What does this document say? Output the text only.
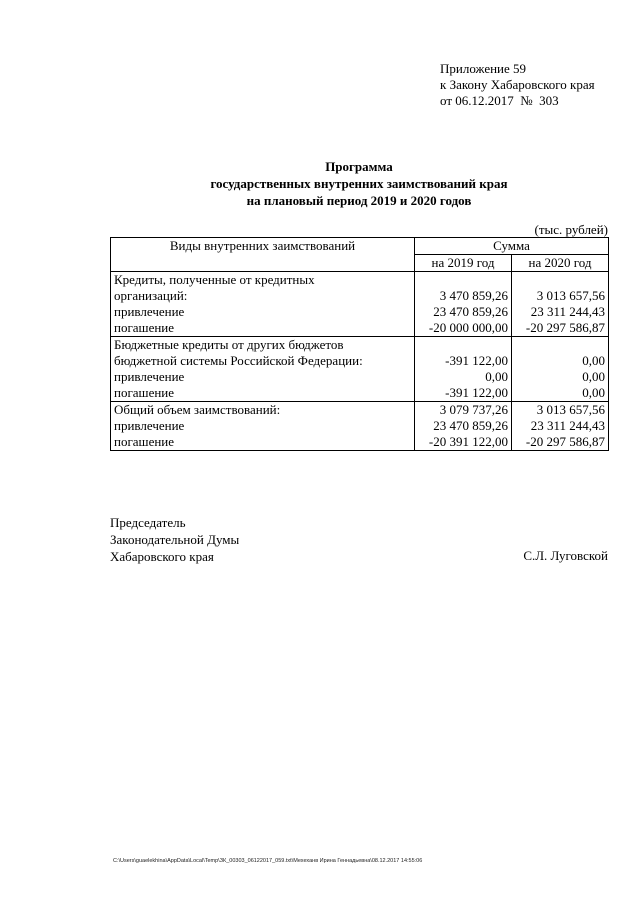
Приложение 59
к Закону Хабаровского края
от 06.12.2017  №  303
Программа
государственных внутренних заимствований края
на плановый период 2019 и 2020 годов
(тыс. рублей)
Виды внутренних заимствований	Сумма	
	на 2019 год	на 2020 год
Кредиты, полученные от кредитных		
организаций:	3 470 859,26	3 013 657,56
привлечение	23 470 859,26	23 311 244,43
погашение	-20 000 000,00	-20 297 586,87
Бюджетные кредиты от других бюджетов		
бюджетной системы Российской Федерации:	-391 122,00	0,00
привлечение	0,00	0,00
погашение	-391 122,00	0,00
Общий объем заимствований:	3 079 737,26	3 013 657,56
привлечение	23 470 859,26	23 311 244,43
погашение	-20 391 122,00	-20 297 586,87
Председатель
Законодательной Думы
Хабаровского края	С.Л. Луговской
C:\Users\guaelekhina\AppData\Local\Temp\ЗК_00303_06122017_059.txt\Мехеханв Ирина Геннадьевна\08.12.2017 14:55:06
